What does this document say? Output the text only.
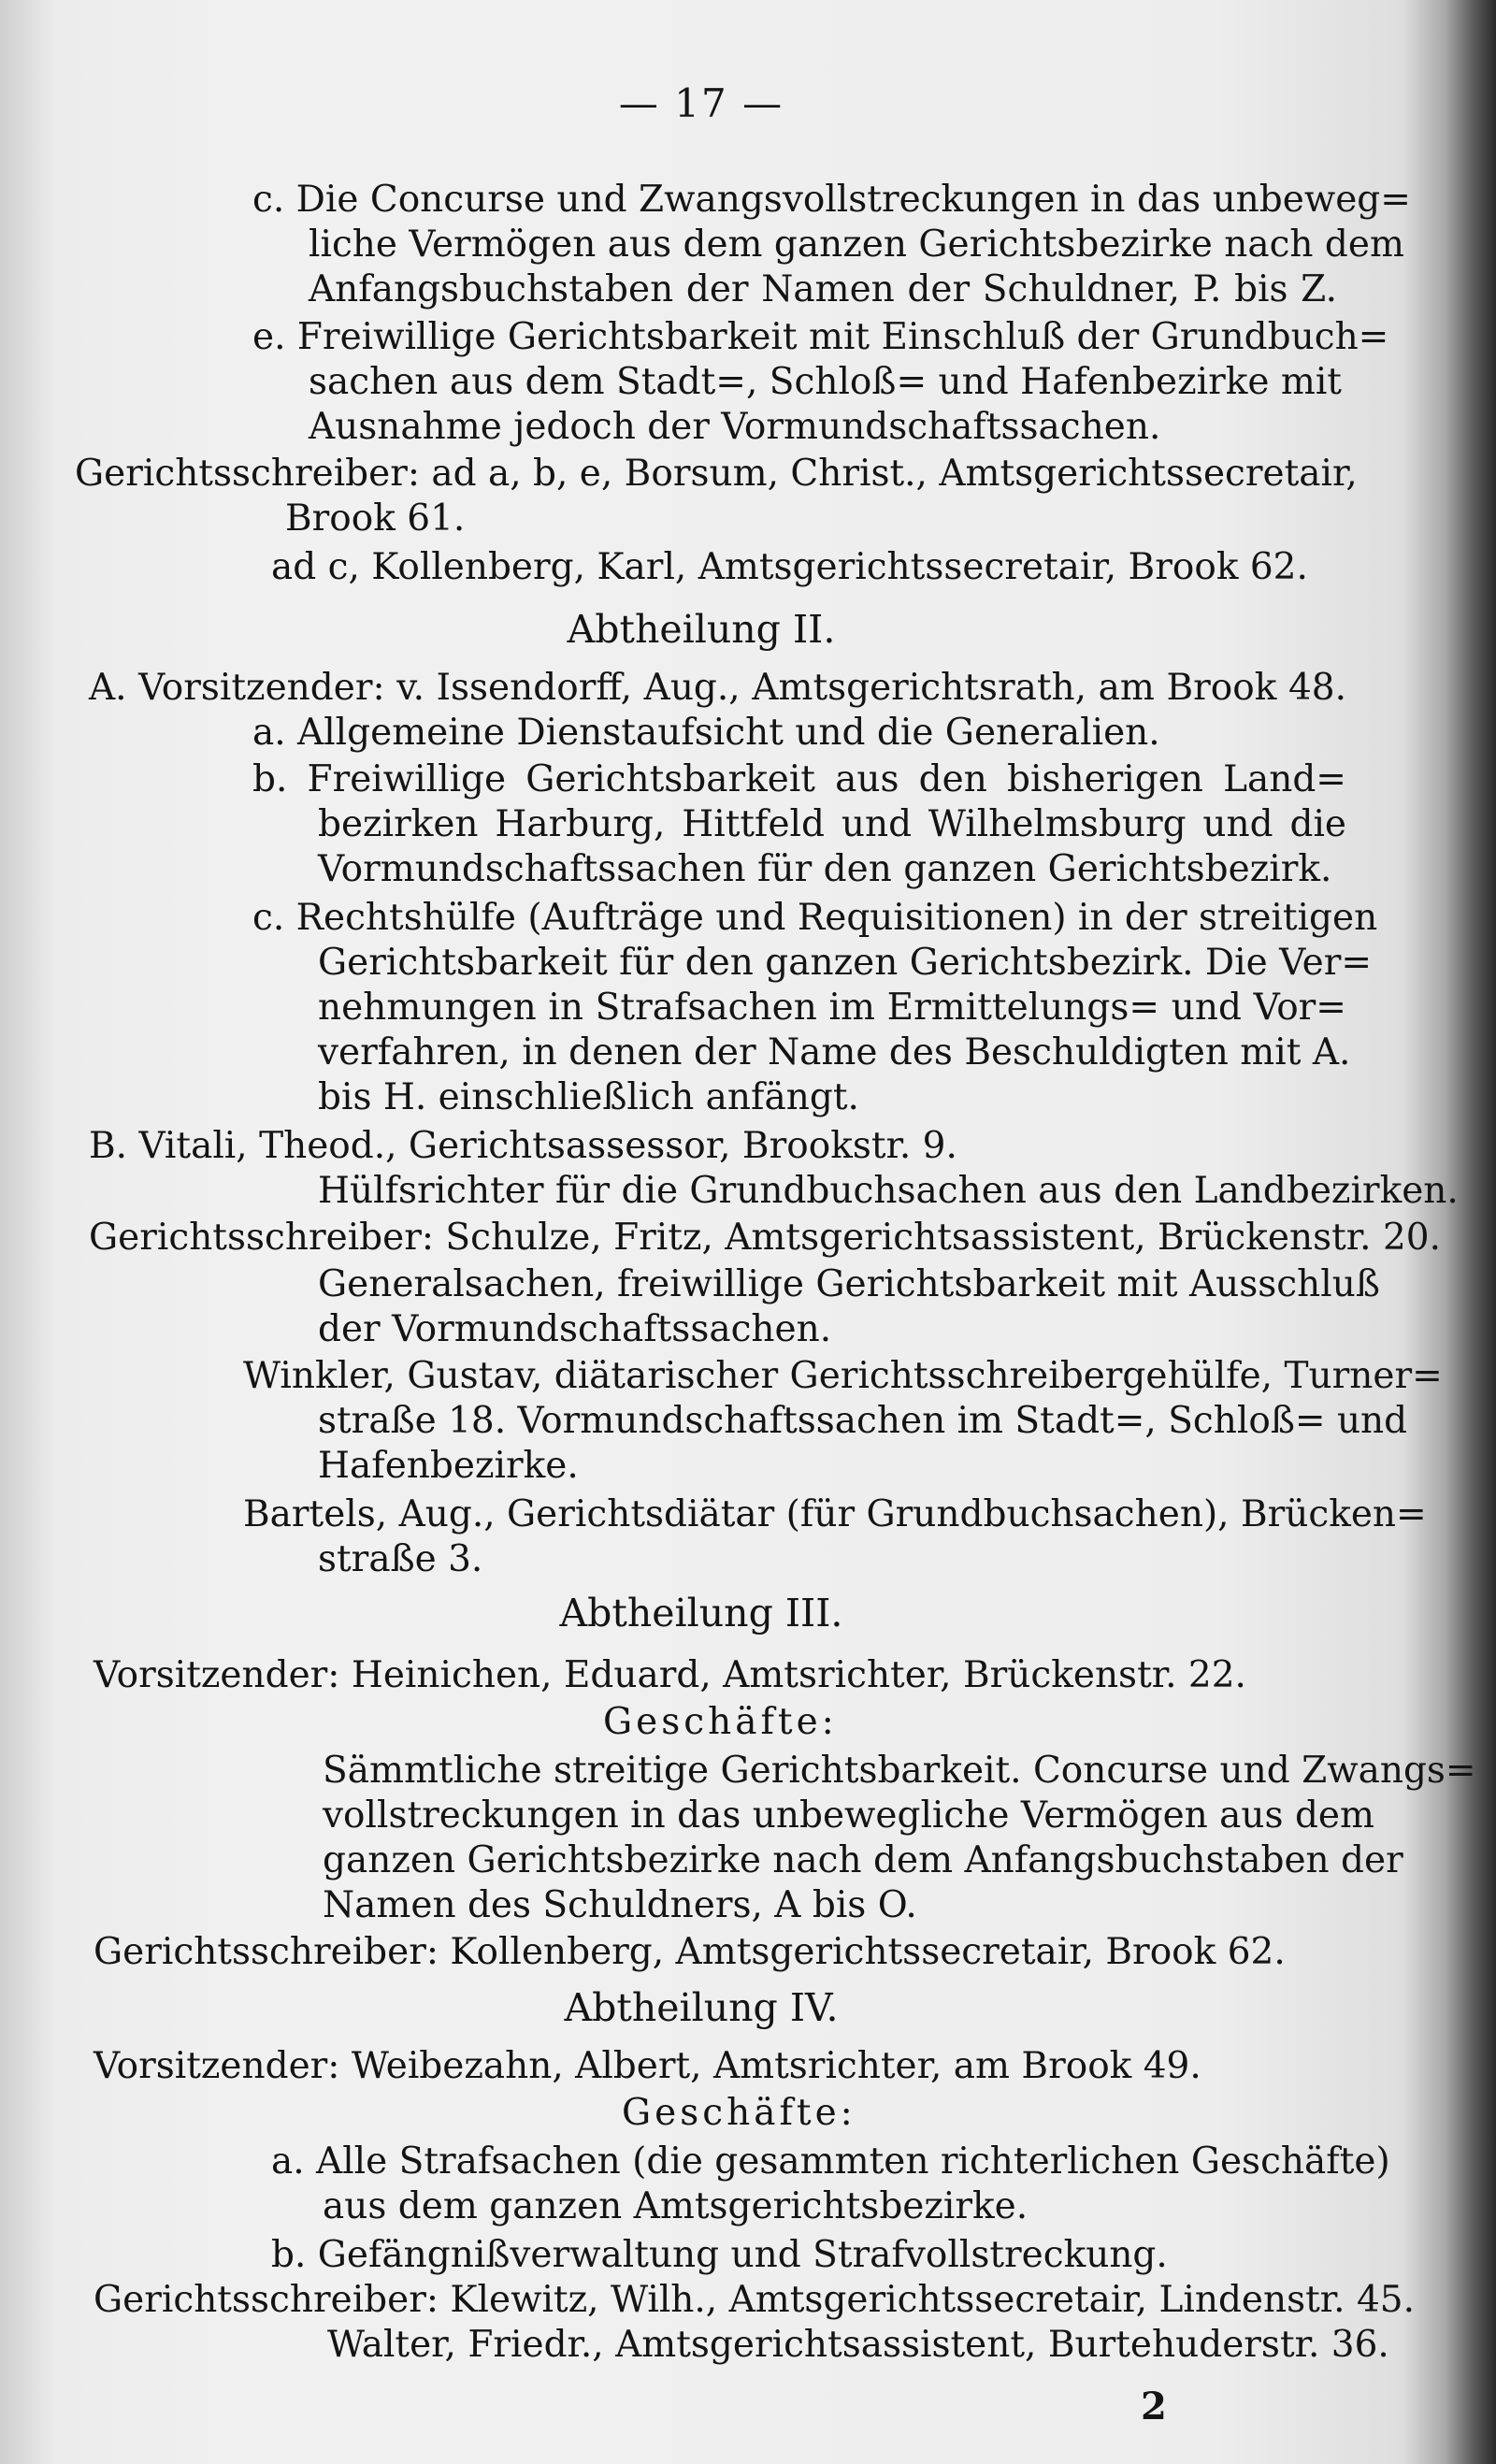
— 17 —
c. Die Concurse und Zwangsvollstreckungen in das unbeweg=
liche Vermögen aus dem ganzen Gerichtsbezirke nach dem
Anfangsbuchstaben der Namen der Schuldner, P. bis Z.
e. Freiwillige Gerichtsbarkeit mit Einschluß der Grundbuch=
sachen aus dem Stadt=, Schloß= und Hafenbezirke mit
Ausnahme jedoch der Vormundschaftssachen.
Gerichtsschreiber: ad a, b, e, Borsum, Christ., Amtsgerichtssecretair,
Brook 61.
ad c, Kollenberg, Karl, Amtsgerichtssecretair, Brook 62.
Abtheilung II.
A. Vorsitzender: v. Issendorff, Aug., Amtsgerichtsrath, am Brook 48.
a. Allgemeine Dienstaufsicht und die Generalien.
b. Freiwillige Gerichtsbarkeit aus den bisherigen Land=
bezirken Harburg, Hittfeld und Wilhelmsburg und die
Vormundschaftssachen für den ganzen Gerichtsbezirk.
c. Rechtshülfe (Aufträge und Requisitionen) in der streitigen
Gerichtsbarkeit für den ganzen Gerichtsbezirk. Die Ver=
nehmungen in Strafsachen im Ermittelungs= und Vor=
verfahren, in denen der Name des Beschuldigten mit A.
bis H. einschließlich anfängt.
B. Vitali, Theod., Gerichtsassessor, Brookstr. 9.
Hülfsrichter für die Grundbuchsachen aus den Landbezirken.
Gerichtsschreiber: Schulze, Fritz, Amtsgerichtsassistent, Brückenstr. 20.
Generalsachen, freiwillige Gerichtsbarkeit mit Ausschluß
der Vormundschaftssachen.
Winkler, Gustav, diätarischer Gerichtsschreibergehülfe, Turner=
straße 18. Vormundschaftssachen im Stadt=, Schloß= und
Hafenbezirke.
Bartels, Aug., Gerichtsdiätar (für Grundbuchsachen), Brücken=
straße 3.
Abtheilung III.
Vorsitzender: Heinichen, Eduard, Amtsrichter, Brückenstr. 22.
Geschäfte:
Sämmtliche streitige Gerichtsbarkeit. Concurse und Zwangs=
vollstreckungen in das unbewegliche Vermögen aus dem
ganzen Gerichtsbezirke nach dem Anfangsbuchstaben der
Namen des Schuldners, A bis O.
Gerichtsschreiber: Kollenberg, Amtsgerichtssecretair, Brook 62.
Abtheilung IV.
Vorsitzender: Weibezahn, Albert, Amtsrichter, am Brook 49.
Geschäfte:
a. Alle Strafsachen (die gesammten richterlichen Geschäfte)
aus dem ganzen Amtsgerichtsbezirke.
b. Gefängnißverwaltung und Strafvollstreckung.
Gerichtsschreiber: Klewitz, Wilh., Amtsgerichtssecretair, Lindenstr. 45.
Walter, Friedr., Amtsgerichtsassistent, Burtehuderstr. 36.
2
